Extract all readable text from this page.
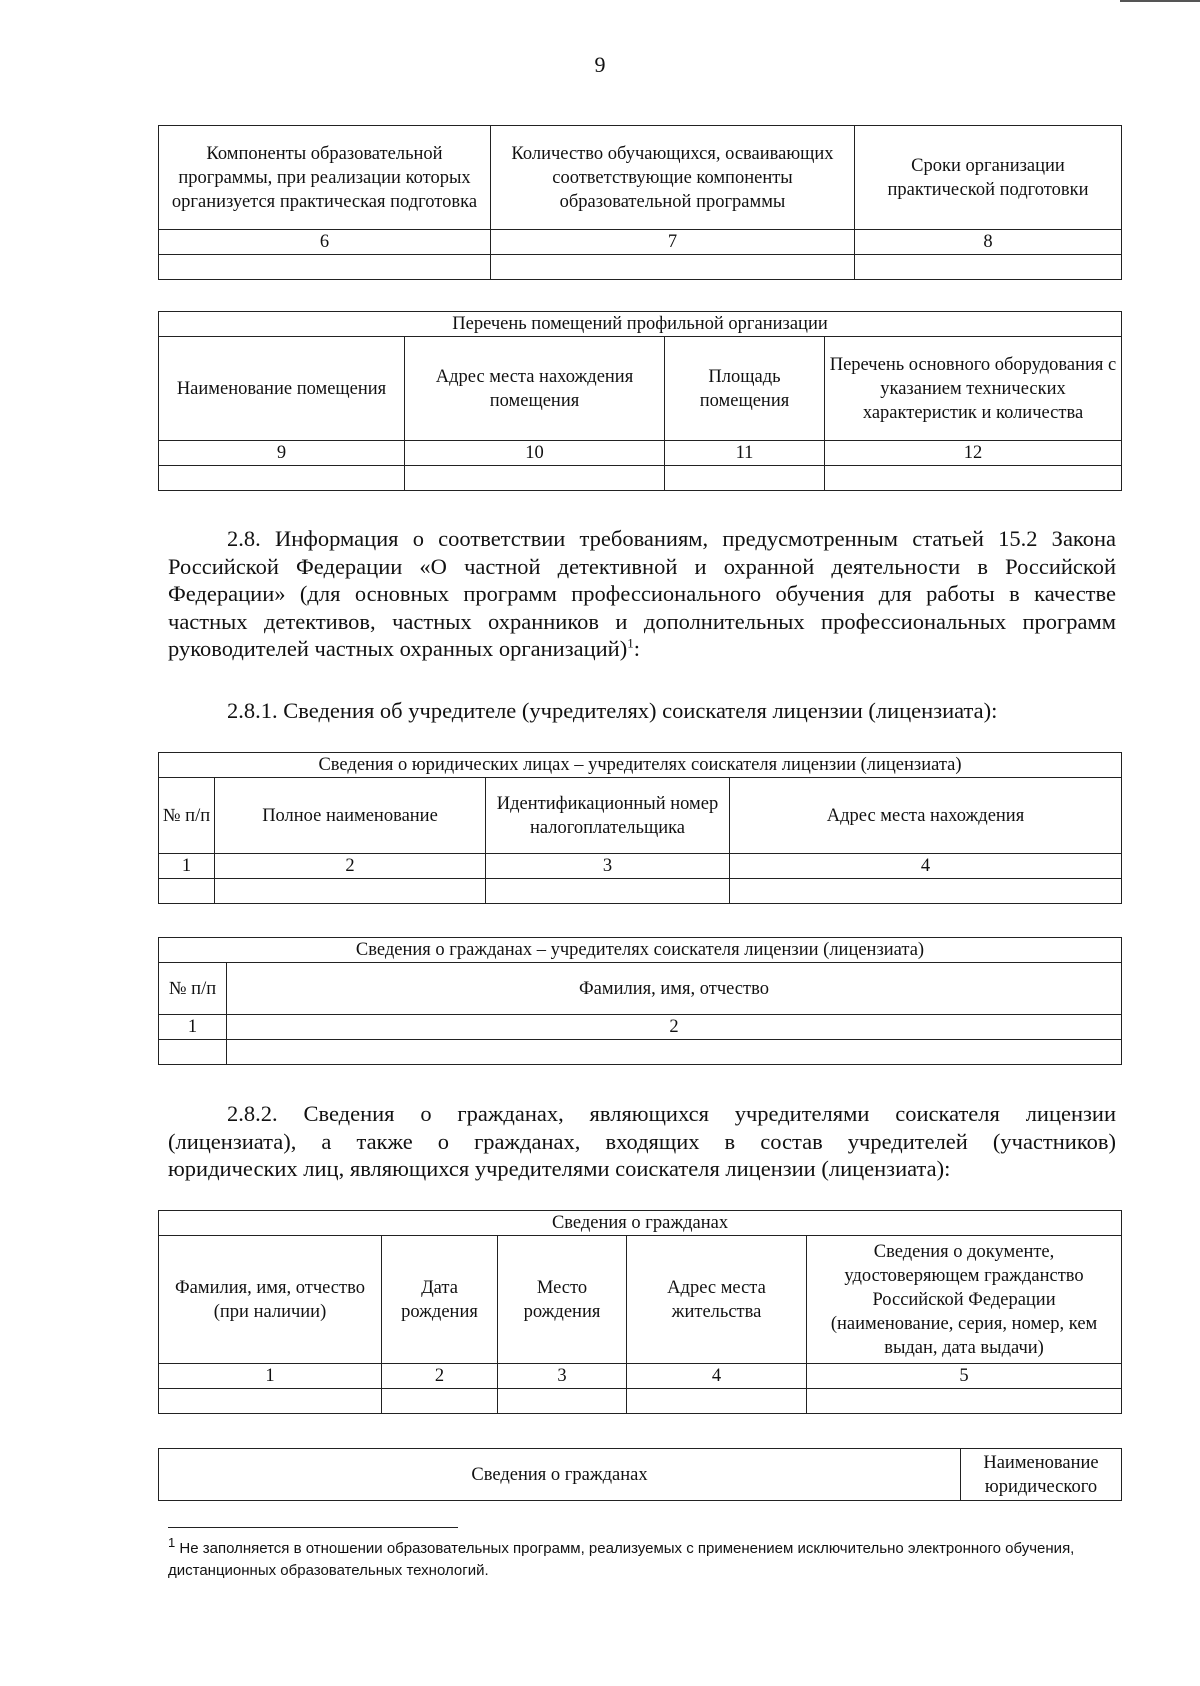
9
Компоненты образовательной программы, при реализации которых организуется практическая подготовка	Количество обучающихся, осваивающих соответствующие компоненты образовательной программы	Сроки организации практической подготовки
6	7	8

Перечень помещений профильной организации			
Наименование помещения	Адрес места нахождения помещения	Площадь помещения	Перечень основного оборудования с указанием технических характеристик и количества
9	10	11	12

2.8. Информация о соответствии требованиям, предусмотренным статьей 15.2 Закона
Российской Федерации «О частной детективной и охранной деятельности в Российской
Федерации» (для основных программ профессионального обучения для работы в качестве
частных детективов, частных охранников и дополнительных профессиональных программ
руководителей частных охранных организаций)$^1$:
2.8.1. Сведения об учредителе (учредителях) соискателя лицензии (лицензиата):
Сведения о юридических лицах – учредителях соискателя лицензии (лицензиата)			
№ п/п	Полное наименование	Идентификационный номер налогоплательщика	Адрес места нахождения
1	2	3	4

Сведения о гражданах – учредителях соискателя лицензии (лицензиата)	
№ п/п	Фамилия, имя, отчество
1	2

2.8.2. Сведения о гражданах, являющихся учредителями соискателя лицензии
(лицензиата), а также о гражданах, входящих в состав учредителей (участников)
юридических лиц, являющихся учредителями соискателя лицензии (лицензиата):
Сведения о гражданах				
Фамилия, имя, отчество (при наличии)	Дата рождения	Место рождения	Адрес места жительства	Сведения о документе, удостоверяющем гражданство Российской Федерации (наименование, серия, номер, кем выдан, дата выдачи)
1	2	3	4	5

Сведения о гражданах	Наименование юридического
$^1$ Не заполняется в отношении образовательных программ, реализуемых с применением исключительно электронного обучения, дистанционных образовательных технологий.
